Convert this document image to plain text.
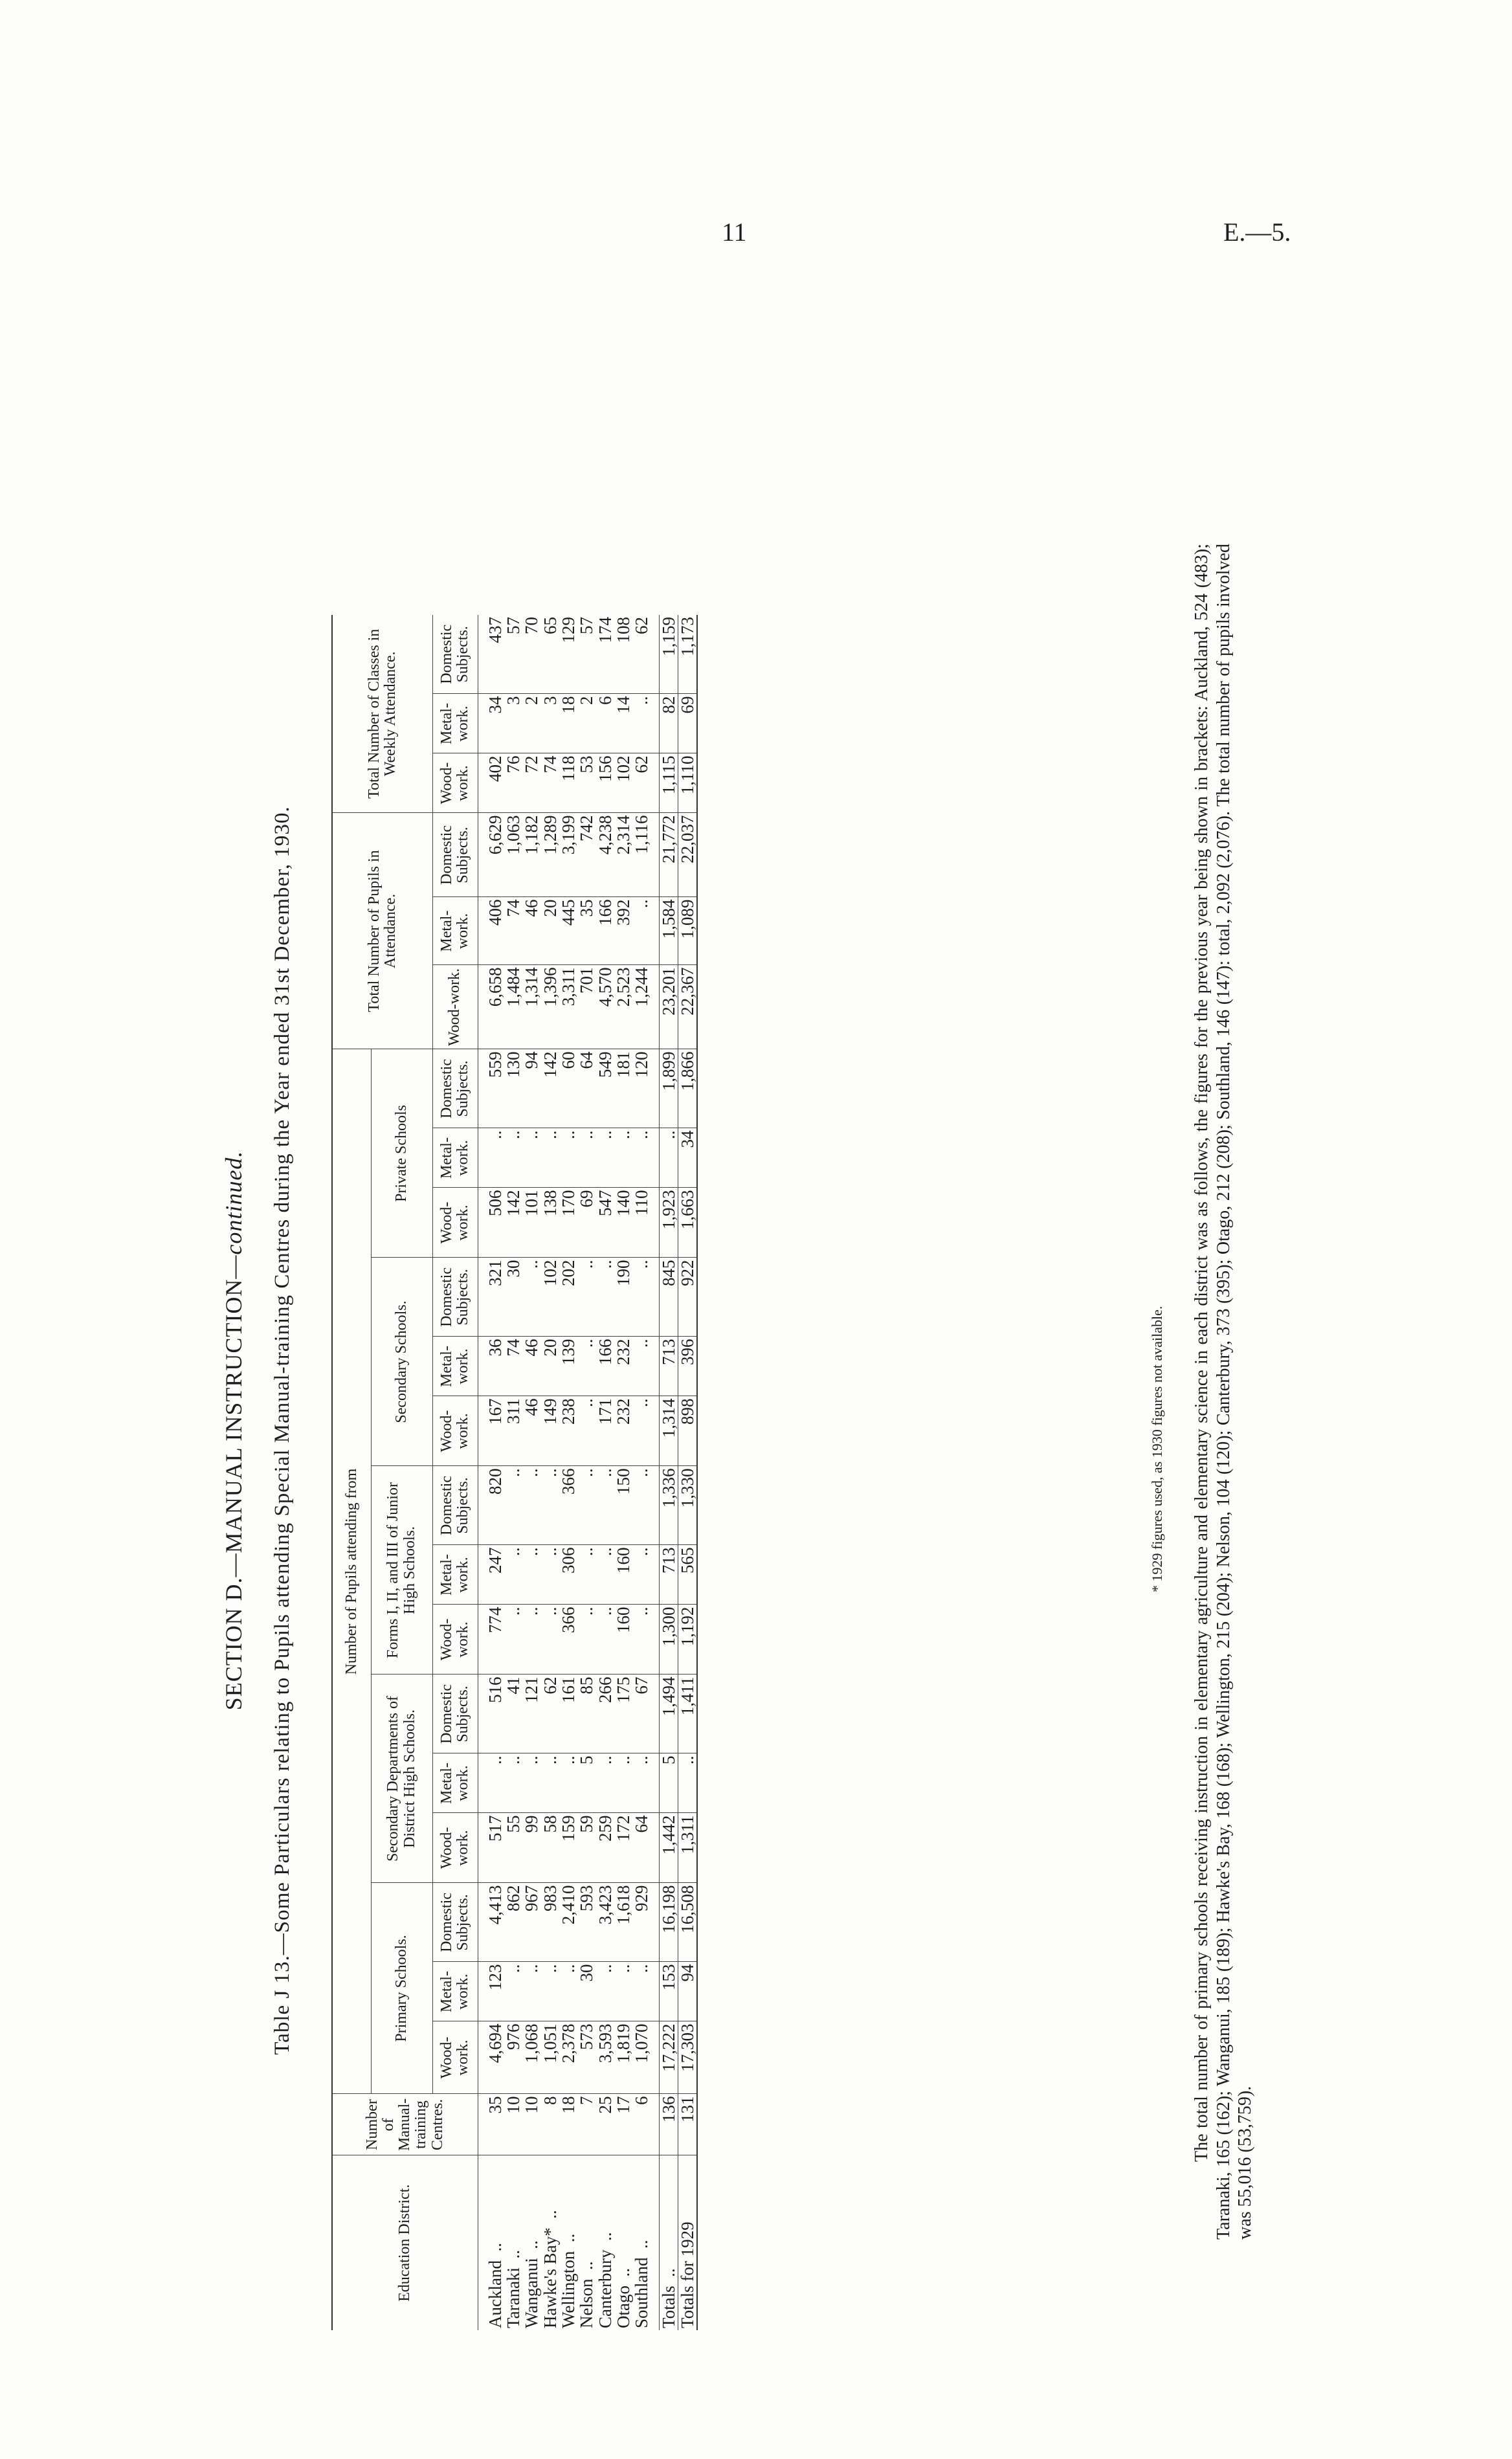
11	E.—5.
SECTION D.—MANUAL INSTRUCTION—continued. Table J 13.—Some Particulars relating to Pupils attending Special Manual-training Centres during the Year ended 31st December, 1930.
Education District.	Number of Manual-training Centres.	Number of Pupils attending from															Total Number of Pupils in Attendance.			Total Number of Classes in Weekly Attendance.		
		Primary Schools.			Secondary Departments of District High Schools.			Forms I, II, and III of Junior High Schools.			Secondary Schools.			Private Schools								
		Wood-work.	Metal-work.	Domestic Subjects.	Wood-work.	Metal-work.	Domestic Subjects.	Wood-work.	Metal-work.	Domestic Subjects.	Wood-work.	Metal-work.	Domestic Subjects.	Wood-work.	Metal-work.	Domestic Subjects.	Wood-work.	Metal-work.	Domestic Subjects.	Wood-work.	Metal-work.	Domestic Subjects.

Auckland  ..	35	4,694	123	4,413	517	..	516	774	247	820	167	36	321	506	..	559	6,658	406	6,629	402	34	437
Taranaki  ..	10	976	..	862	55	..	41	..	..	..	311	74	30	142	..	130	1,484	74	1,063	76	3	57
Wanganui  ..	10	1,068	..	967	99	..	121	..	..	..	46	46	..	101	..	94	1,314	46	1,182	72	2	70
Hawke's Bay*  ..	8	1,051	..	983	58	..	62	..	..	..	149	20	102	138	..	142	1,396	20	1,289	74	3	65
Wellington  ..	18	2,378	..	2,410	159	..	161	366	306	366	238	139	202	170	..	60	3,311	445	3,199	118	18	129
Nelson  ..	7	573	30	593	59	5	85	..	..	..	..	..	..	69	..	64	701	35	742	53	2	57
Canterbury  ..	25	3,593	..	3,423	259	..	266	..	..	..	171	166	..	547	..	549	4,570	166	4,238	156	6	174
Otago  ..	17	1,819	..	1,618	172	..	175	160	160	150	232	232	190	140	..	181	2,523	392	2,314	102	14	108
Southland  ..	6	1,070	..	929	64	..	67	..	..	..	..	..	..	110	..	120	1,244	..	1,116	62	..	62

Totals  ..	136	17,222	153	16,198	1,442	5	1,494	1,300	713	1,336	1,314	713	845	1,923	..	1,899	23,201	1,584	21,772	1,115	82	1,159
Totals for 1929	131	17,303	94	16,508	1,311	..	1,411	1,192	565	1,330	898	396	922	1,663	34	1,866	22,367	1,089	22,037	1,110	69	1,173
* 1929 figures used, as 1930 figures not available. The total number of primary schools receiving instruction in elementary agriculture and elementary science in each district was as follows, the figures for the previous year being shown in brackets: Auckland, 524 (483); Taranaki, 165 (162); Wanganui, 185 (189); Hawke's Bay, 168 (168); Wellington, 215 (204); Nelson, 104 (120); Canterbury, 373 (395); Otago, 212 (208); Southland, 146 (147): total, 2,092 (2,076). The total number of pupils involved was 55,016 (53,759).
